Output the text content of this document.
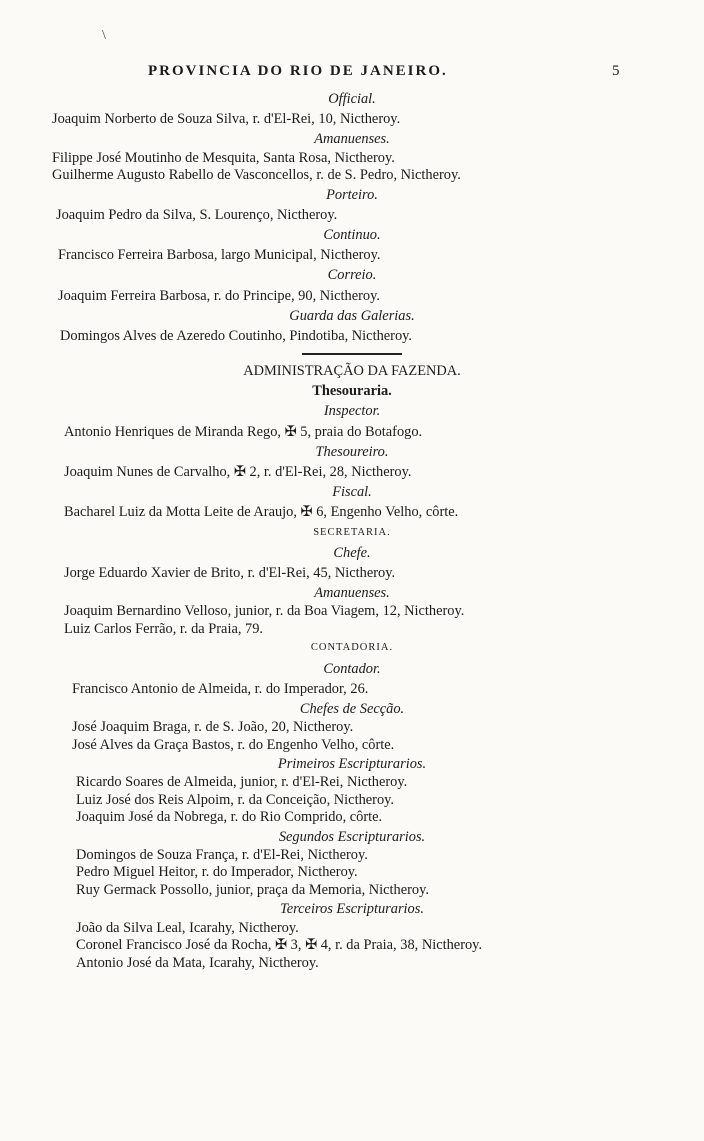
\
PROVINCIA DO RIO DE JANEIRO.	5
Official.
Joaquim Norberto de Souza Silva, r. d'El-Rei, 10, Nictheroy.
Amanuenses.
Filippe José Moutinho de Mesquita, Santa Rosa, Nictheroy.
Guilherme Augusto Rabello de Vasconcellos, r. de S. Pedro, Nictheroy.
Porteiro.
Joaquim Pedro da Silva, S. Lourenço, Nictheroy.
Continuo.
Francisco Ferreira Barbosa, largo Municipal, Nictheroy.
Correio.
Joaquim Ferreira Barbosa, r. do Principe, 90, Nictheroy.
Guarda das Galerias.
Domingos Alves de Azeredo Coutinho, Pindotiba, Nictheroy.
ADMINISTRAÇÃO DA FAZENDA.
Thesouraria.
Inspector.
Antonio Henriques de Miranda Rego, ✠ 5, praia do Botafogo.
Thesoureiro.
Joaquim Nunes de Carvalho, ✠ 2, r. d'El-Rei, 28, Nictheroy.
Fiscal.
Bacharel Luiz da Motta Leite de Araujo, ✠ 6, Engenho Velho, côrte.
SECRETARIA.
Chefe.
Jorge Eduardo Xavier de Brito, r. d'El-Rei, 45, Nictheroy.
Amanuenses.
Joaquim Bernardino Velloso, junior, r. da Boa Viagem, 12, Nictheroy.
Luiz Carlos Ferrão, r. da Praia, 79.
CONTADORIA.
Contador.
Francisco Antonio de Almeida, r. do Imperador, 26.
Chefes de Secção.
José Joaquim Braga, r. de S. João, 20, Nictheroy.
José Alves da Graça Bastos, r. do Engenho Velho, côrte.
Primeiros Escripturarios.
Ricardo Soares de Almeida, junior, r. d'El-Rei, Nictheroy.
Luiz José dos Reis Alpoim, r. da Conceição, Nictheroy.
Joaquim José da Nobrega, r. do Rio Comprido, côrte.
Segundos Escripturarios.
Domingos de Souza França, r. d'El-Rei, Nictheroy.
Pedro Miguel Heitor, r. do Imperador, Nictheroy.
Ruy Germack Possollo, junior, praça da Memoria, Nictheroy.
Terceiros Escripturarios.
João da Silva Leal, Icarahy, Nictheroy.
Coronel Francisco José da Rocha, ✠ 3, ✠ 4, r. da Praia, 38, Nictheroy.
Antonio José da Mata, Icarahy, Nictheroy.
